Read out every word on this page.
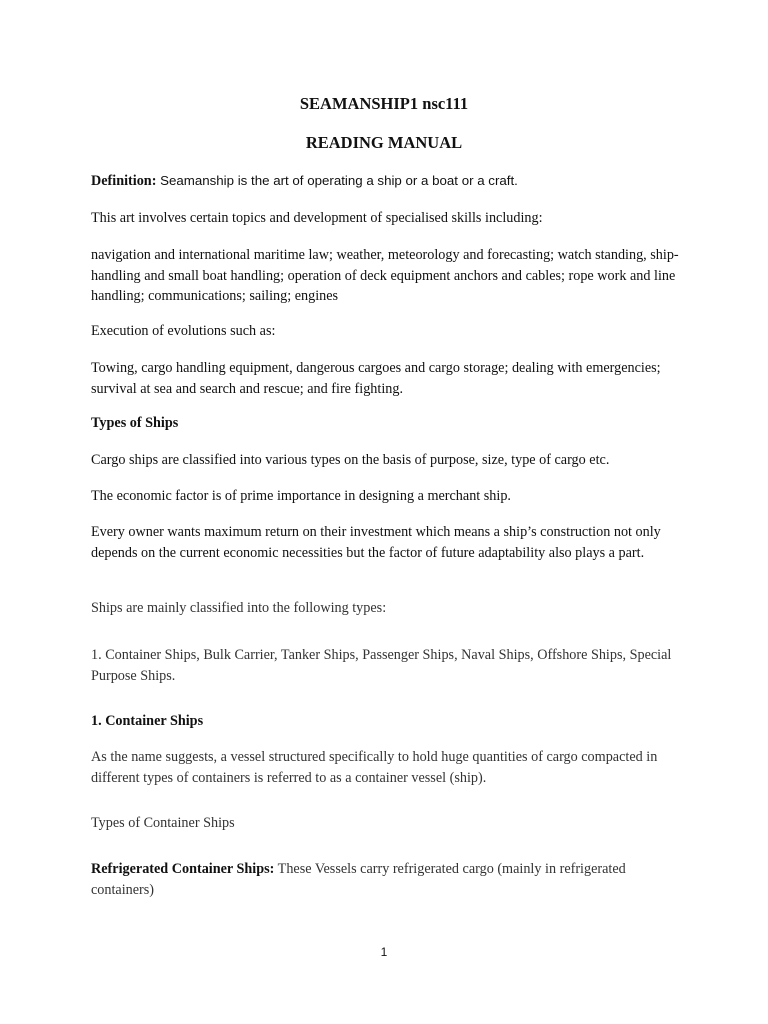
SEAMANSHIP1 nsc111
READING MANUAL
Definition: Seamanship is the art of operating a ship or a boat or a craft.
This art involves certain topics and development of specialised skills including:
navigation and international maritime law; weather, meteorology and forecasting; watch standing, ship-handling and small boat handling; operation of deck equipment anchors and cables; rope work and line handling; communications; sailing; engines
Execution of evolutions such as:
Towing, cargo handling equipment, dangerous cargoes and cargo storage; dealing with emergencies; survival at sea and search and rescue; and fire fighting.
Types of Ships
Cargo ships are classified into various types on the basis of purpose, size, type of cargo etc.
The economic factor is of prime importance in designing a merchant ship.
Every owner wants maximum return on their investment which means a ship’s construction not only depends on the current economic necessities but the factor of future adaptability also plays a part.
Ships are mainly classified into the following types:
1. Container Ships, Bulk Carrier, Tanker Ships, Passenger Ships, Naval Ships, Offshore Ships, Special Purpose Ships.
1. Container Ships
As the name suggests, a vessel structured specifically to hold huge quantities of cargo compacted in different types of containers is referred to as a container vessel (ship).
Types of Container Ships
Refrigerated Container Ships: These Vessels carry refrigerated cargo (mainly in refrigerated containers)
1
